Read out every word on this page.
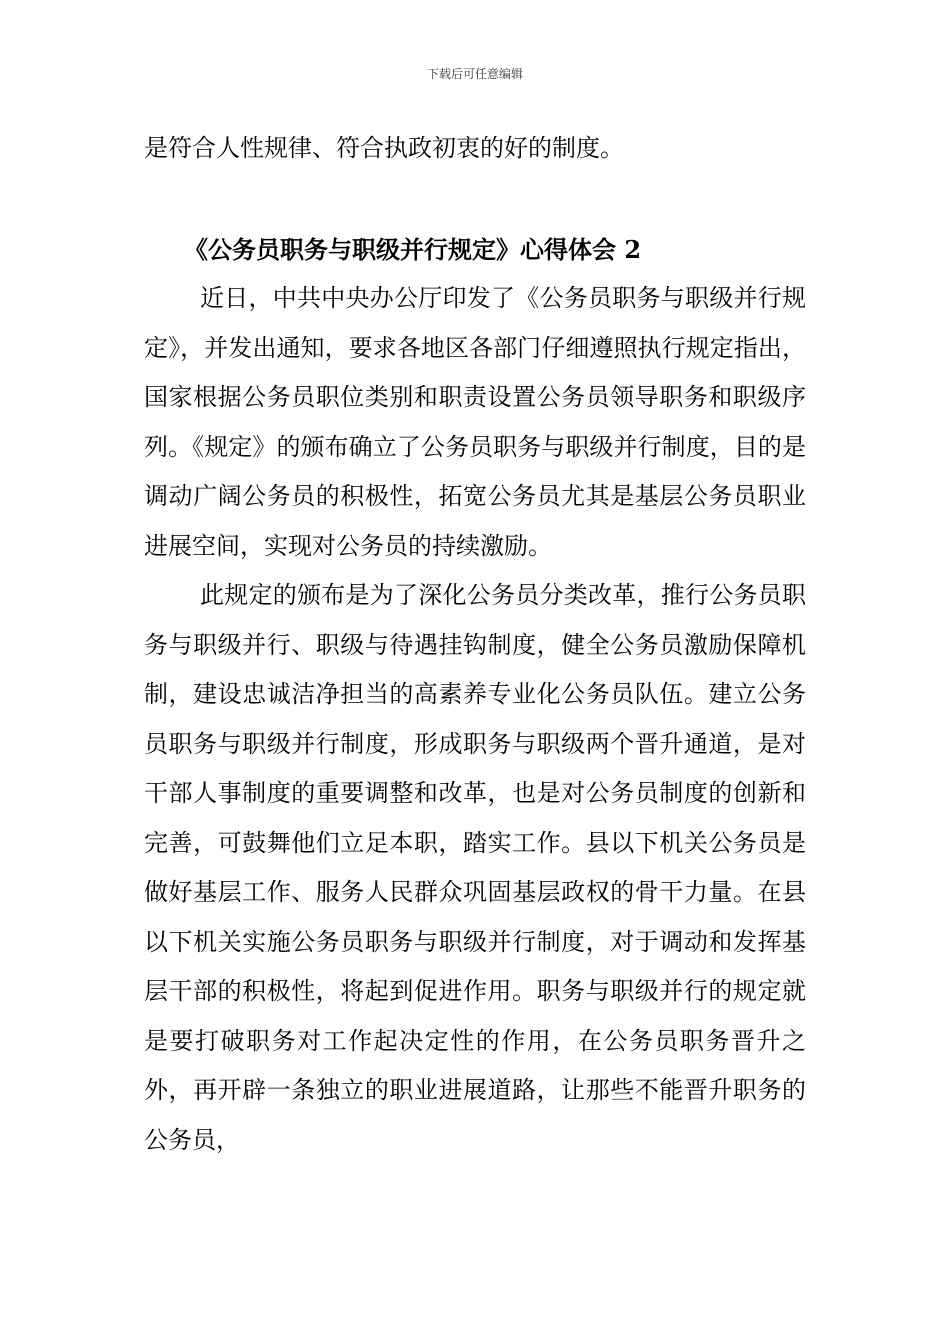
下载后可任意编辑

是符合人性规律、符合执政初衷的好的制度。

《公务员职务与职级并行规定》心得体会 2

近日，中共中央办公厅印发了《公务员职务与职级并行规定》，并发出通知，要求各地区各部门仔细遵照执行规定指出，国家根据公务员职位类别和职责设置公务员领导职务和职级序列。《规定》的颁布确立了公务员职务与职级并行制度，目的是调动广阔公务员的积极性，拓宽公务员尤其是基层公务员职业进展空间，实现对公务员的持续激励。

此规定的颁布是为了深化公务员分类改革，推行公务员职务与职级并行、职级与待遇挂钩制度，健全公务员激励保障机制，建设忠诚洁净担当的高素养专业化公务员队伍。建立公务员职务与职级并行制度，形成职务与职级两个晋升通道，是对干部人事制度的重要调整和改革，也是对公务员制度的创新和完善，可鼓舞他们立足本职，踏实工作。县以下机关公务员是做好基层工作、服务人民群众巩固基层政权的骨干力量。在县以下机关实施公务员职务与职级并行制度，对于调动和发挥基层干部的积极性，将起到促进作用。职务与职级并行的规定就是要打破职务对工作起决定性的作用，在公务员职务晋升之外，再开辟一条独立的职业进展道路，让那些不能晋升职务的公务员，
